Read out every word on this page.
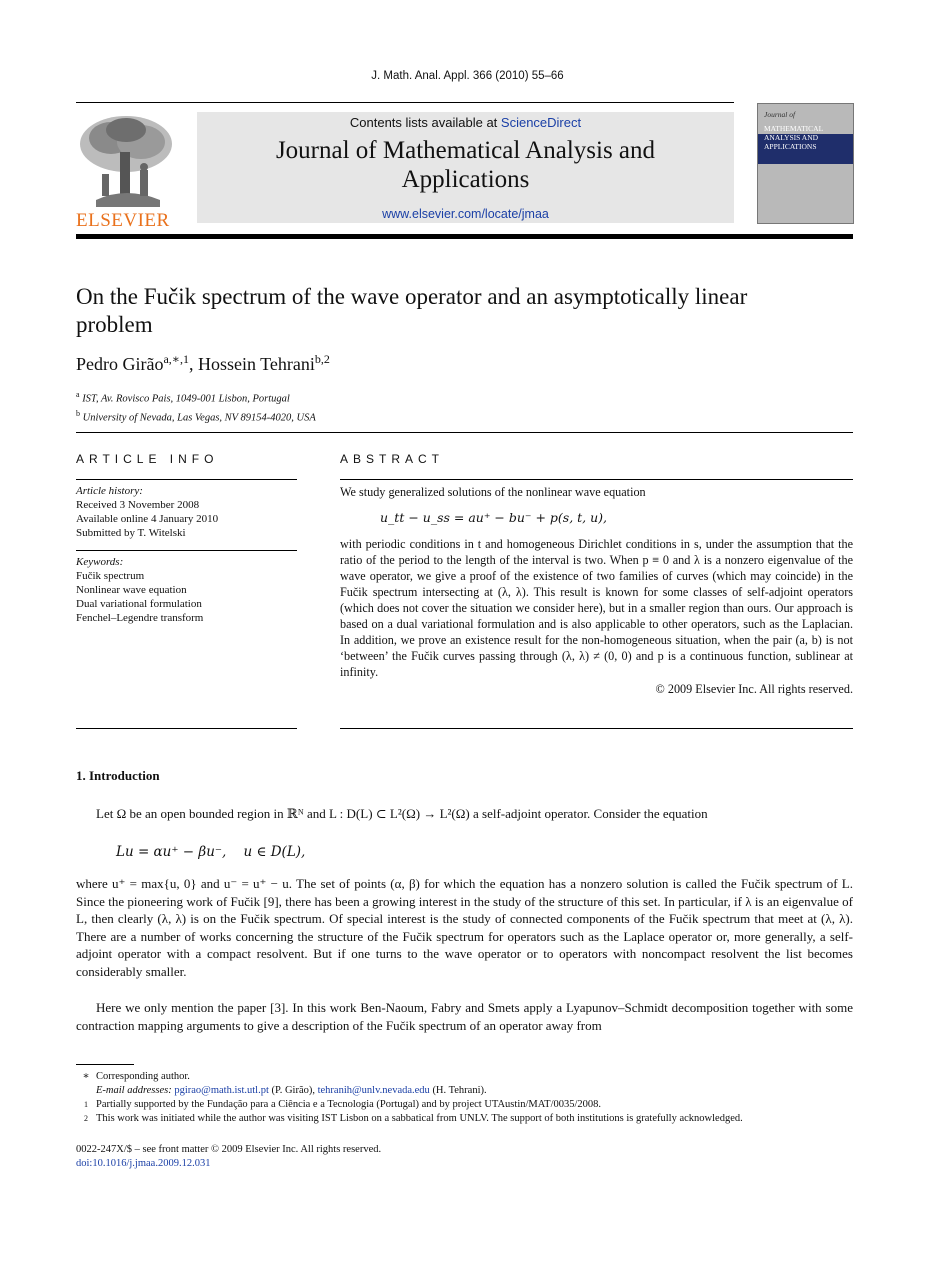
J. Math. Anal. Appl. 366 (2010) 55–66
ELSEVIER
Contents lists available at ScienceDirect
Journal of Mathematical Analysis and
Applications
www.elsevier.com/locate/jmaa
Journal of
MATHEMATICAL
ANALYSIS AND
APPLICATIONS
On the Fučik spectrum of the wave operator and an asymptotically linear
problem
Pedro Girão$^{a,∗,1}$, Hossein Tehrani$^{b,2}$
$^a$ IST, Av. Rovisco Pais, 1049-001 Lisbon, Portugal
$^b$ University of Nevada, Las Vegas, NV 89154-4020, USA
ARTICLE INFO
Article history:
Received 3 November 2008
Available online 4 January 2010
Submitted by T. Witelski
Keywords:
Fučik spectrum
Nonlinear wave equation
Dual variational formulation
Fenchel–Legendre transform
ABSTRACT
We study generalized solutions of the nonlinear wave equation
u_tt − u_ss = au⁺ − bu⁻ + p(s, t, u),
with periodic conditions in t and homogeneous Dirichlet conditions in s, under the assumption that the ratio of the period to the length of the interval is two. When p ≡ 0 and λ is a nonzero eigenvalue of the wave operator, we give a proof of the existence of two families of curves (which may coincide) in the Fučik spectrum intersecting at (λ, λ). This result is known for some classes of self-adjoint operators (which does not cover the situation we consider here), but in a smaller region than ours. Our approach is based on a dual variational formulation and is also applicable to other operators, such as the Laplacian. In addition, we prove an existence result for the non-homogeneous situation, when the pair (a, b) is not ‘between’ the Fučik curves passing through (λ, λ) ≠ (0, 0) and p is a continuous function, sublinear at infinity.
© 2009 Elsevier Inc. All rights reserved.
1. Introduction
Let Ω be an open bounded region in ℝᴺ and L : D(L) ⊂ L²(Ω) → L²(Ω) a self-adjoint operator. Consider the equation
Lu = αu⁺ − βu⁻,    u ∈ D(L),
where u⁺ = max{u, 0} and u⁻ = u⁺ − u. The set of points (α, β) for which the equation has a nonzero solution is called the Fučik spectrum of L. Since the pioneering work of Fučik [9], there has been a growing interest in the study of the structure of this set. In particular, if λ is an eigenvalue of L, then clearly (λ, λ) is on the Fučik spectrum. Of special interest is the study of connected components of the Fučik spectrum that meet at (λ, λ). There are a number of works concerning the structure of the Fučik spectrum for operators such as the Laplace operator or, more generally, a self-adjoint operator with a compact resolvent. But if one turns to the wave operator or to operators with noncompact resolvent the list becomes considerably smaller.
Here we only mention the paper [3]. In this work Ben-Naoum, Fabry and Smets apply a Lyapunov–Schmidt decomposition together with some contraction mapping arguments to give a description of the Fučik spectrum of an operator away from
∗ Corresponding author.
E-mail addresses: pgirao@math.ist.utl.pt (P. Girão), tehranih@unlv.nevada.edu (H. Tehrani).
1 Partially supported by the Fundação para a Ciência e a Tecnologia (Portugal) and by project UTAustin/MAT/0035/2008.
2 This work was initiated while the author was visiting IST Lisbon on a sabbatical from UNLV. The support of both institutions is gratefully acknowledged.
0022-247X/$ – see front matter © 2009 Elsevier Inc. All rights reserved.
doi:10.1016/j.jmaa.2009.12.031
